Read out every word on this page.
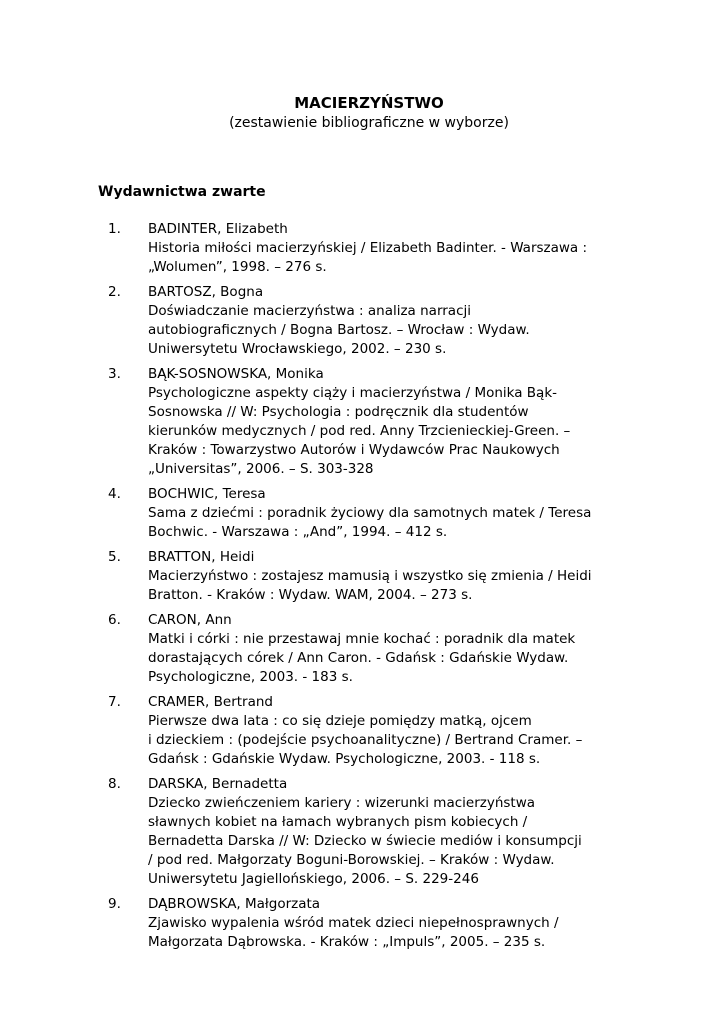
MACIERZYŃSTWO
(zestawienie bibliograficzne w wyborze)
Wydawnictwa zwarte
1. BADINTER, Elizabeth
Historia miłości macierzyńskiej / Elizabeth Badinter. - Warszawa :
„Wolumen”, 1998. – 276 s.
2. BARTOSZ, Bogna
Doświadczanie macierzyństwa : analiza narracji
autobiograficznych / Bogna Bartosz. – Wrocław : Wydaw.
Uniwersytetu Wrocławskiego, 2002. – 230 s.
3. BĄK-SOSNOWSKA, Monika
Psychologiczne aspekty ciąży i macierzyństwa / Monika Bąk-
Sosnowska // W: Psychologia : podręcznik dla studentów
kierunków medycznych / pod red. Anny Trzcienieckiej-Green. –
Kraków : Towarzystwo Autorów i Wydawców Prac Naukowych
„Universitas”, 2006. – S. 303-328
4. BOCHWIC, Teresa
Sama z dziećmi : poradnik życiowy dla samotnych matek / Teresa
Bochwic. - Warszawa : „And”, 1994. – 412 s.
5. BRATTON, Heidi
Macierzyństwo : zostajesz mamusią i wszystko się zmienia / Heidi
Bratton. - Kraków : Wydaw. WAM, 2004. – 273 s.
6. CARON, Ann
Matki i córki : nie przestawaj mnie kochać : poradnik dla matek
dorastających córek / Ann Caron. - Gdańsk : Gdańskie Wydaw.
Psychologiczne, 2003. - 183 s.
7. CRAMER, Bertrand
Pierwsze dwa lata : co się dzieje pomiędzy matką, ojcem
i dzieckiem : (podejście psychoanalityczne) / Bertrand Cramer. –
Gdańsk : Gdańskie Wydaw. Psychologiczne, 2003. - 118 s.
8. DARSKA, Bernadetta
Dziecko zwieńczeniem kariery : wizerunki macierzyństwa
sławnych kobiet na łamach wybranych pism kobiecych /
Bernadetta Darska // W: Dziecko w świecie mediów i konsumpcji
/ pod red. Małgorzaty Boguni-Borowskiej. – Kraków : Wydaw.
Uniwersytetu Jagiellońskiego, 2006. – S. 229-246
9. DĄBROWSKA, Małgorzata
Zjawisko wypalenia wśród matek dzieci niepełnosprawnych /
Małgorzata Dąbrowska. - Kraków : „Impuls”, 2005. – 235 s.
